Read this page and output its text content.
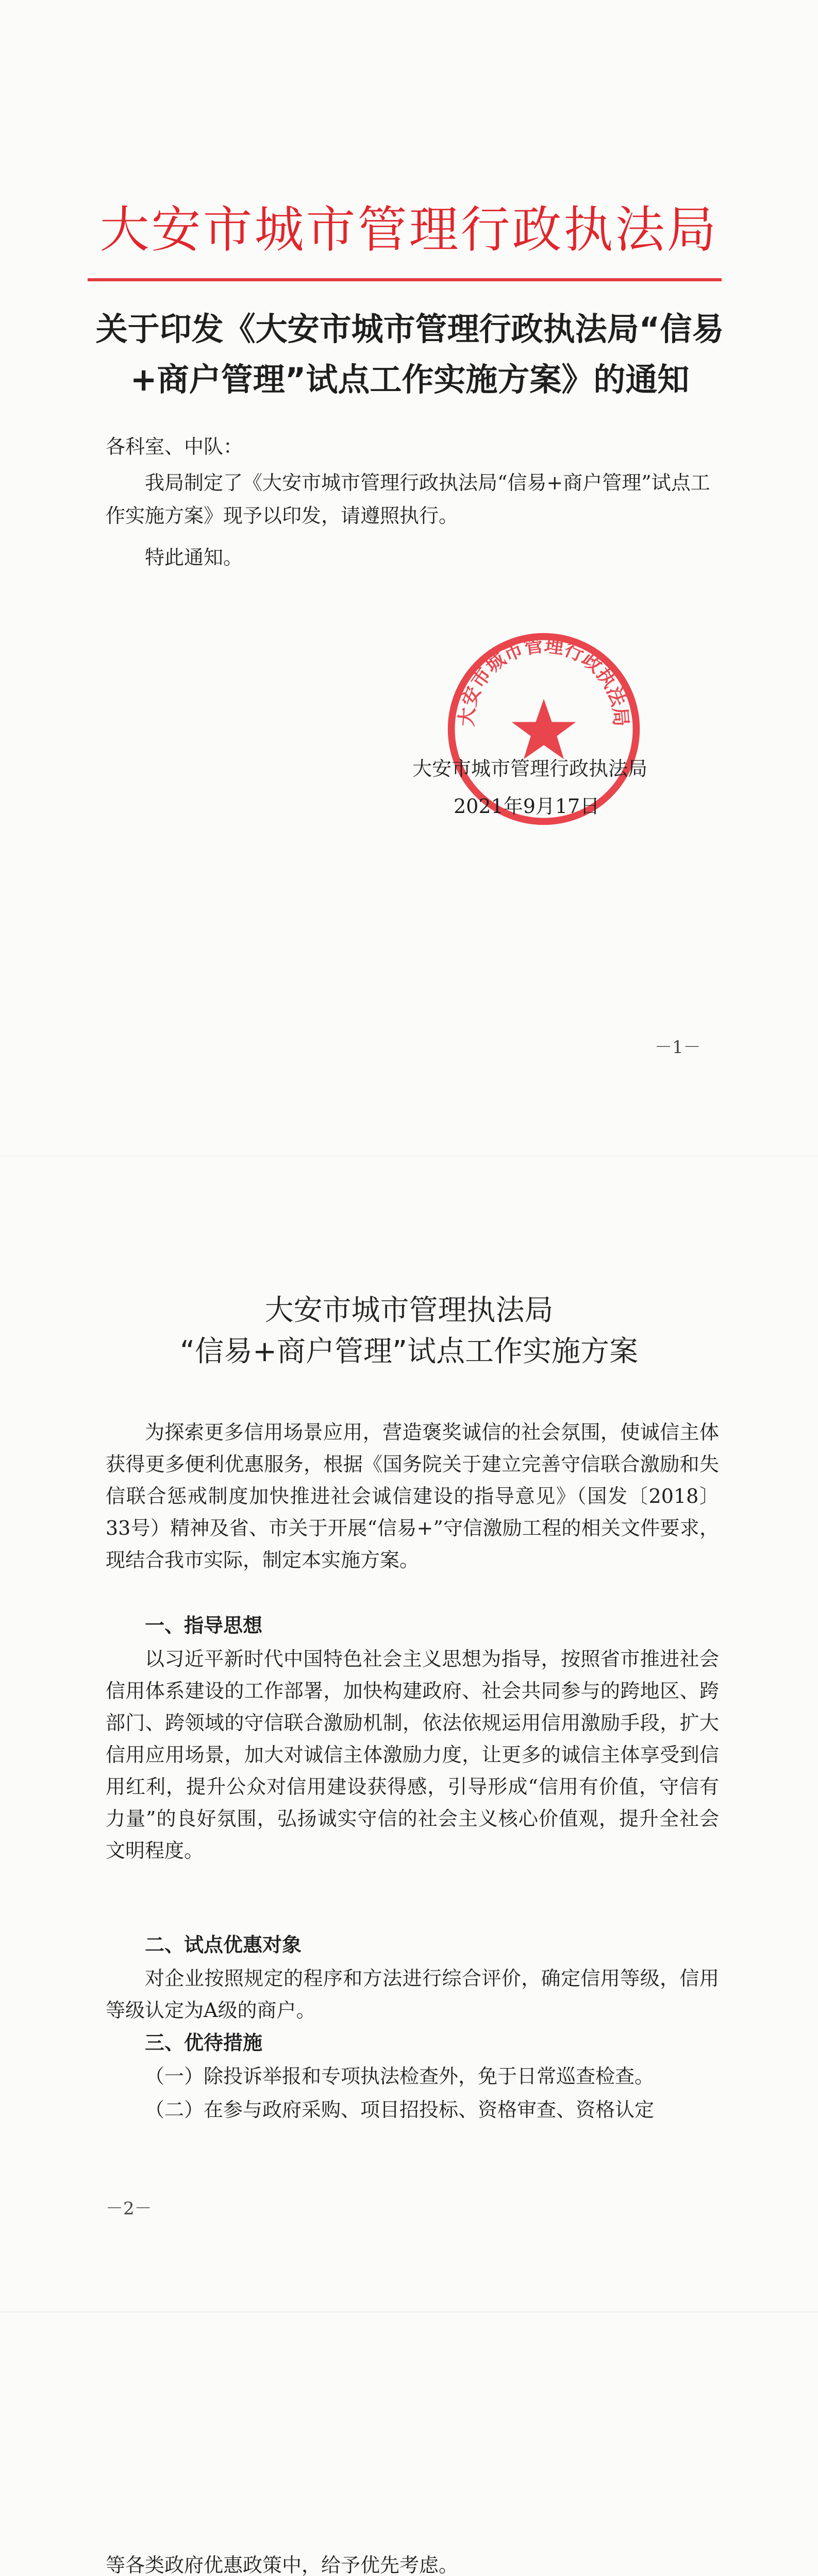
大安市城市管理行政执法局
关于印发《大安市城市管理行政执法局“信易+商户管理”试点工作实施方案》的通知
各科室、中队：
我局制定了《大安市城市管理行政执法局“信易+商户管理”试点工作实施方案》现予以印发，请遵照执行。
特此通知。
大安市城市管理行政执法局
大安市城市管理行政执法局
2021年9月17日
－1－
大安市城市管理执法局
“信易+商户管理”试点工作实施方案
为探索更多信用场景应用，营造褒奖诚信的社会氛围，使诚信主体获得更多便利优惠服务，根据《国务院关于建立完善守信联合激励和失信联合惩戒制度加快推进社会诚信建设的指导意见》（国发〔2018〕33号）精神及省、市关于开展“信易+”守信激励工程的相关文件要求，现结合我市实际，制定本实施方案。
一、指导思想
以习近平新时代中国特色社会主义思想为指导，按照省市推进社会信用体系建设的工作部署，加快构建政府、社会共同参与的跨地区、跨部门、跨领域的守信联合激励机制，依法依规运用信用激励手段，扩大信用应用场景，加大对诚信主体激励力度，让更多的诚信主体享受到信用红利，提升公众对信用建设获得感，引导形成“信用有价值，守信有力量”的良好氛围，弘扬诚实守信的社会主义核心价值观，提升全社会文明程度。
二、试点优惠对象
对企业按照规定的程序和方法进行综合评价，确定信用等级，信用等级认定为A级的商户。
三、优待措施
（一）除投诉举报和专项执法检查外，免于日常巡查检查。
（二）在参与政府采购、项目招投标、资格审查、资格认定
－2－
等各类政府优惠政策中，给予优先考虑。
